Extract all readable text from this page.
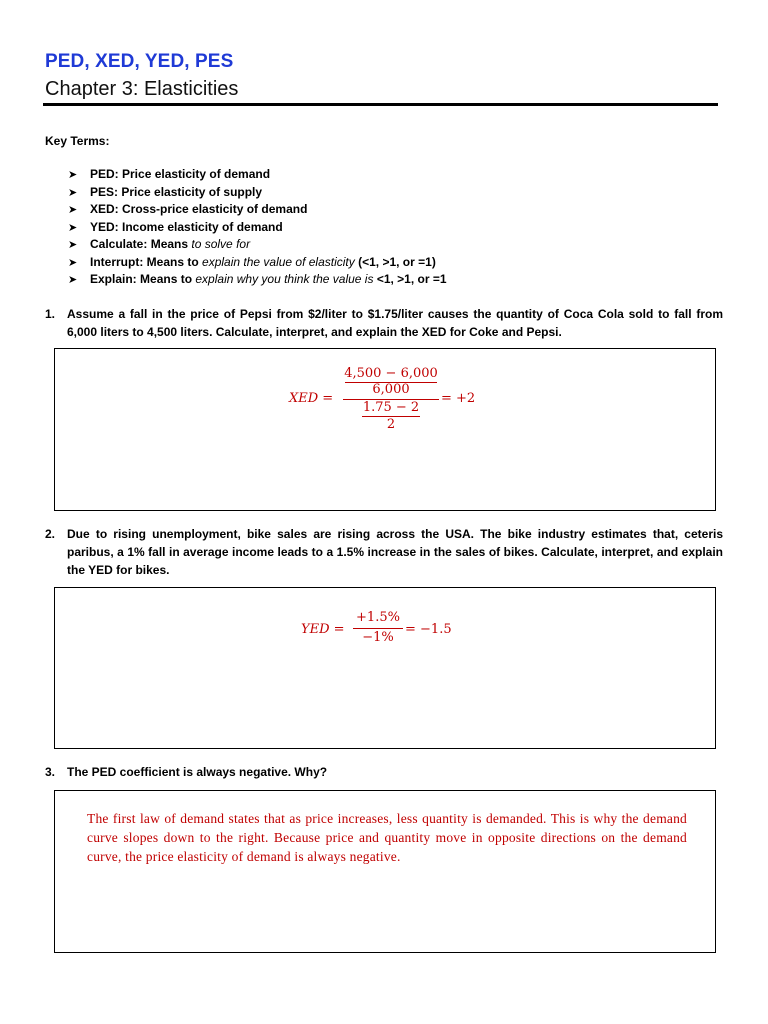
PED, XED, YED, PES
Chapter 3: Elasticities
Key Terms:
➤ PED: Price elasticity of demand
➤ PES: Price elasticity of supply
➤ XED: Cross-price elasticity of demand
➤ YED: Income elasticity of demand
➤ Calculate: Means to solve for
➤ Interrupt: Means to explain the value of elasticity (<1, >1, or =1)
➤ Explain: Means to explain why you think the value is <1, >1, or =1
1. Assume a fall in the price of Pepsi from $2/liter to $1.75/liter causes the quantity of Coca Cola sold to fall from 6,000 liters to 4,500 liters. Calculate, interpret, and explain the XED for Coke and Pepsi.
XED =
4,500 − 6,000
6,000
1.75 − 2
2
= +2
2. Due to rising unemployment, bike sales are rising across the USA. The bike industry estimates that, ceteris paribus, a 1% fall in average income leads to a 1.5% increase in the sales of bikes. Calculate, interpret, and explain the YED for bikes.
YED =
+1.5%
−1%
= −1.5
3. The PED coefficient is always negative. Why?
The first law of demand states that as price increases, less quantity is demanded. This is why the demand curve slopes down to the right. Because price and quantity move in opposite directions on the demand curve, the price elasticity of demand is always negative.
